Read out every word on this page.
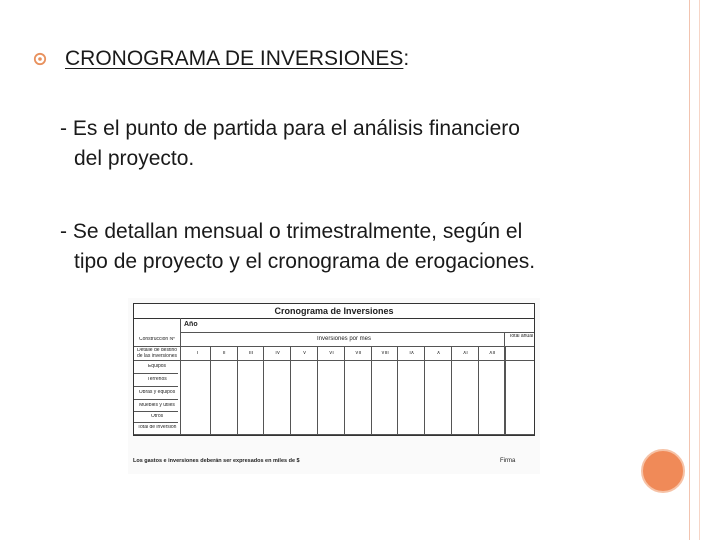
CRONOGRAMA DE INVERSIONES :
- Es el punto de partida para el análisis financiero
del proyecto.
- Se detallan mensual o trimestralmente, según el
tipo de proyecto y el cronograma de erogaciones.
Cronograma de Inversiones
Año
Inversiones por mes	Total anual
Construcción Nº
Detalle de destino de las inversiones	I	II	III	IV	V	VI	VII	VIII	IX	X	XI	XII
Equipos
Terrenos
Obras y equipos
Muebles y útiles
Otros
Total de inversión
Los gastos e inversiones deberán ser expresados en miles de $	Firma
